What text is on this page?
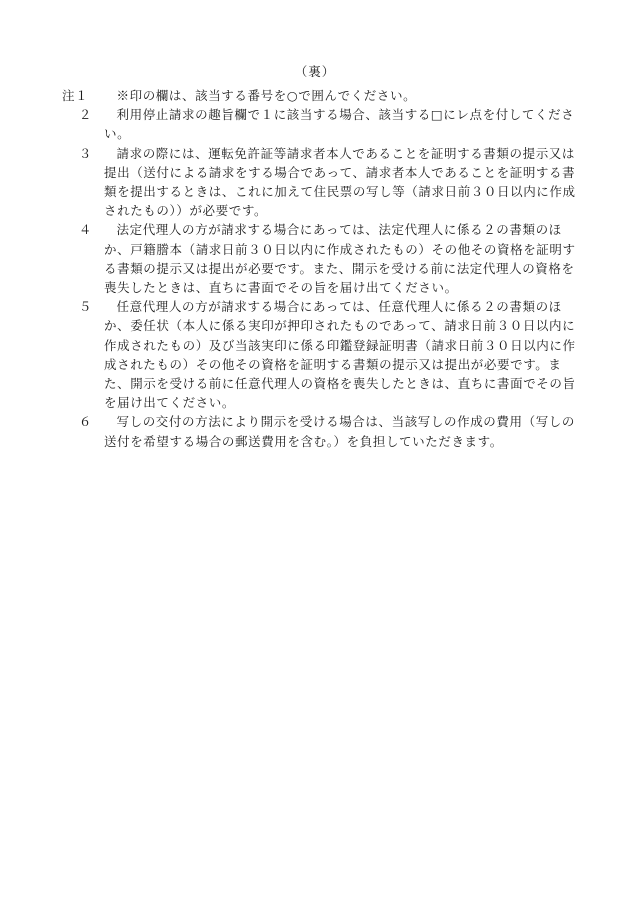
（裏）
注１	※印の欄は、該当する番号を○で囲んでください。
２	利用停止請求の趣旨欄で１に該当する場合、該当する□にレ点を付してください。
３	請求の際には、運転免許証等請求者本人であることを証明する書類の提示又は提出（送付による請求をする場合であって、請求者本人であることを証明する書類を提出するときは、これに加えて住民票の写し等（請求日前３０日以内に作成されたもの））が必要です。
４	法定代理人の方が請求する場合にあっては、法定代理人に係る２の書類のほか、戸籍謄本（請求日前３０日以内に作成されたもの）その他その資格を証明する書類の提示又は提出が必要です。また、開示を受ける前に法定代理人の資格を喪失したときは、直ちに書面でその旨を届け出てください。
５	任意代理人の方が請求する場合にあっては、任意代理人に係る２の書類のほか、委任状（本人に係る実印が押印されたものであって、請求日前３０日以内に作成されたもの）及び当該実印に係る印鑑登録証明書（請求日前３０日以内に作成されたもの）その他その資格を証明する書類の提示又は提出が必要です。また、開示を受ける前に任意代理人の資格を喪失したときは、直ちに書面でその旨を届け出てください。
６	写しの交付の方法により開示を受ける場合は、当該写しの作成の費用（写しの送付を希望する場合の郵送費用を含む。）を負担していただきます。
